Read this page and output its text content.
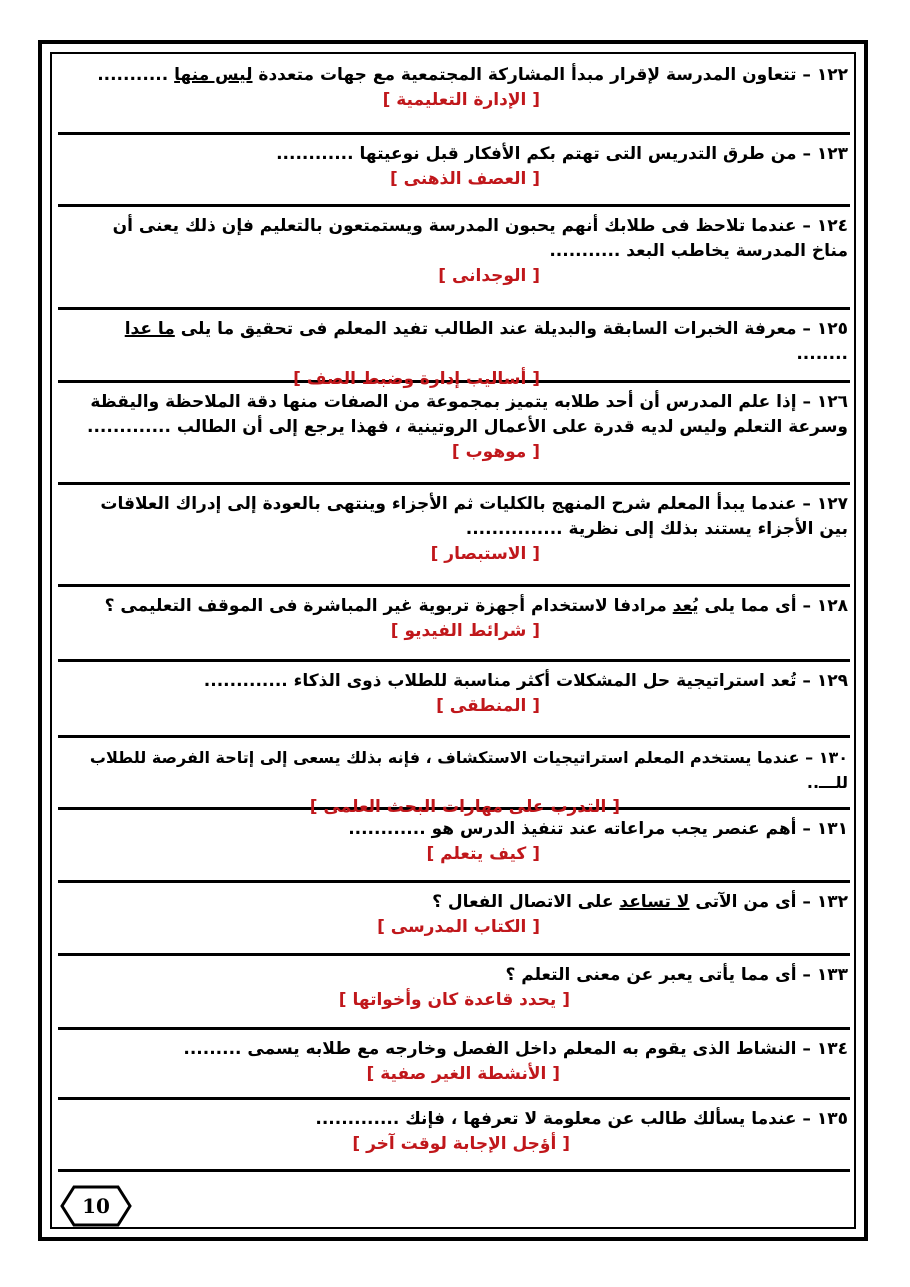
١٢٢ – تتعاون المدرسة لإقرار مبدأ المشاركة المجتمعية مع جهات متعددة ليس منها ...........
[ الإدارة التعليمية ]
١٢٣ – من طرق التدريس التى تهتم بكم الأفكار قبل نوعيتها ............
[ العصف الذهنى ]
١٢٤ – عندما تلاحظ فى طلابك أنهم يحبون المدرسة ويستمتعون بالتعليم فإن ذلك يعنى أن مناخ المدرسة يخاطب البعد ...........
[ الوجدانى ]
١٢٥ – معرفة الخبرات السابقة والبديلة عند الطالب تفيد المعلم فى تحقيق ما يلى ما عدا ........
[ أساليب إدارة وضبط الصف ]
١٢٦ – إذا علم المدرس أن أحد طلابه يتميز بمجموعة من الصفات منها دقة الملاحظة واليقظة وسرعة التعلم وليس لديه قدرة على الأعمال الروتينية ، فهذا يرجع إلى أن الطالب .............
[ موهوب ]
١٢٧ – عندما يبدأ المعلم شرح المنهج بالكليات ثم الأجزاء وينتهى بالعودة إلى إدراك العلاقات بين الأجزاء يستند بذلك إلى نظرية ...............
[ الاستبصار ]
١٢٨ – أى مما يلى يُعد مرادفا لاستخدام أجهزة تربوية غير المباشرة فى الموقف التعليمى ؟
[ شرائط الفيديو ]
١٢٩ – تُعد استراتيجية حل المشكلات أكثر مناسبة للطلاب ذوى الذكاء .............
[ المنطقى ]
١٣٠ – عندما يستخدم المعلم استراتيجيات الاستكشاف ، فإنه بذلك يسعى إلى إتاحة الفرصة للطلاب للـــ..
[ التدرب على مهارات البحث العلمى ]
١٣١ – أهم عنصر يجب مراعاته عند تنفيذ الدرس هو ............
[ كيف يتعلم ]
١٣٢ – أى من الآتى لا تساعد على الاتصال الفعال ؟
[ الكتاب المدرسى ]
١٣٣ – أى مما يأتى يعبر عن معنى التعلم ؟
[ يحدد قاعدة كان وأخواتها ]
١٣٤ – النشاط الذى يقوم به المعلم داخل الفصل وخارجه مع طلابه يسمى .........
[ الأنشطة الغير صفية ]
١٣٥ – عندما يسألك طالب عن معلومة لا تعرفها ، فإنك .............
[ أؤجل الإجابة لوقت آخر ]
10
